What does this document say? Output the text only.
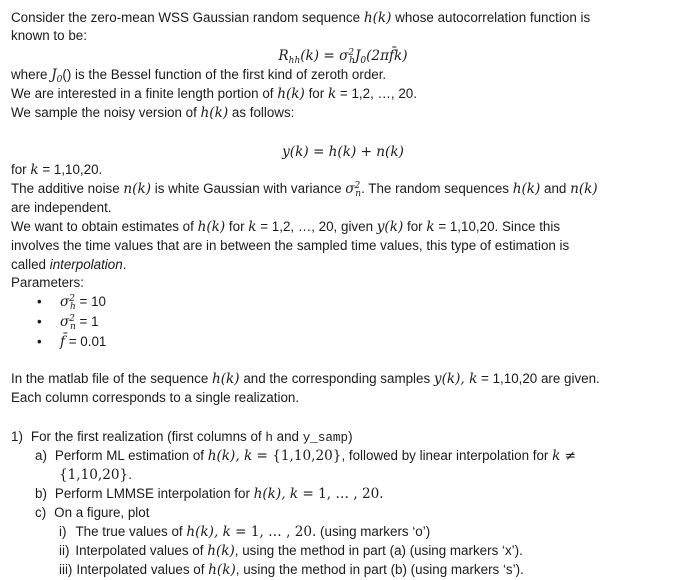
Consider the zero-mean WSS Gaussian random sequence h(k) whose autocorrelation function is
known to be:
$R_{hh}(k)$ = $\sigma^2_hJ_0(2\pi f̄k)$
where $J_0()$ is the Bessel function of the first kind of zeroth order.
We are interested in a finite length portion of h(k) for k = 1,2, …, 20.
We sample the noisy version of h(k) as follows:
y(k) = h(k) + n(k)
for k = 1,10,20.
The additive noise n(k) is white Gaussian with variance $\sigma^2_n$. The random sequences h(k) and n(k)
are independent.
We want to obtain estimates of h(k) for k = 1,2, …, 20, given y(k) for k = 1,10,20. Since this
involves the time values that are in between the sampled time values, this type of estimation is
called interpolation.
Parameters:
• $\sigma^2_h = 10$
• $\sigma^2_n = 1$
• f̄ = 0.01
In the matlab file of the sequence h(k) and the corresponding samples y(k), k = 1,10,20 are given.
Each column corresponds to a single realization.
1) For the first realization (first columns of h and y_samp)
a) Perform ML estimation of h(k), k = {1,10,20}, followed by linear interpolation for k ≠
{1,10,20}.
b) Perform LMMSE interpolation for h(k), k = 1, … , 20.
c) On a figure, plot
i) The true values of h(k), k = 1, … , 20. (using markers ‘o’)
ii) Interpolated values of h(k), using the method in part (a) (using markers ‘x’).
iii) Interpolated values of h(k), using the method in part (b) (using markers ‘s’).
